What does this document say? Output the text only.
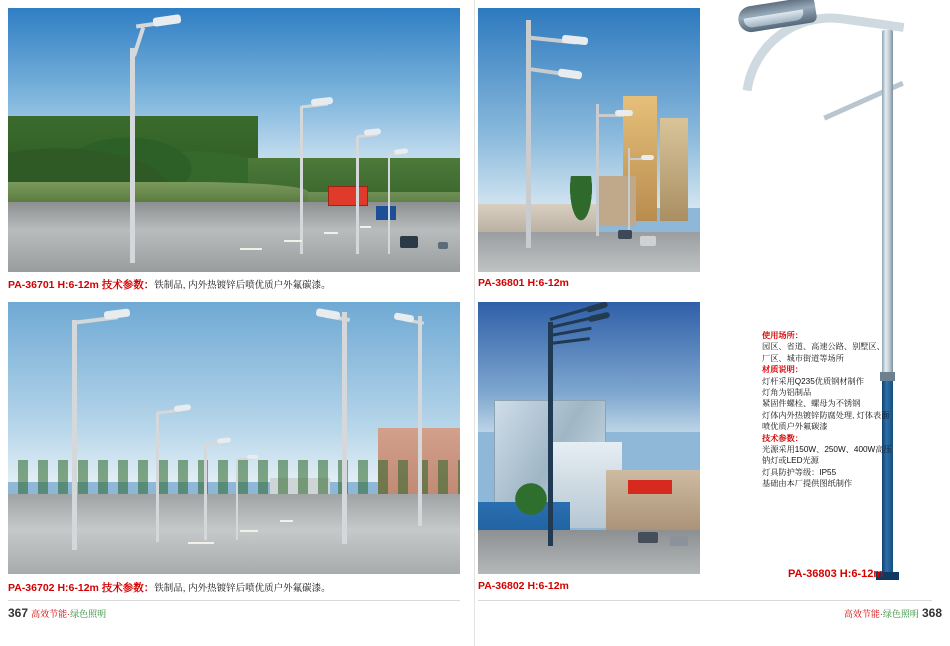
PA-36701 H:6-12m 技术参数：铁制品, 内外热镀锌后喷优质户外氟碳漆。	PA-36801 H:6-12m
PA-36702 H:6-12m 技术参数：铁制品, 内外热镀锌后喷优质户外氟碳漆。	PA-36802 H:6-12m
使用场所：
园区、省道、高速公路、别墅区、
厂区、城市街道等场所
材质说明：
灯杆采用Q235优质钢材制作
灯角为铝制品
紧固件螺栓、螺母为不锈钢
灯体内外热镀锌防腐处理, 灯体表面
喷优质户外氟碳漆
技术参数：
光源采用150W、250W、400W高压
钠灯或LED光源
灯具防护等级：IP55
基础由本厂提供图纸制作
PA-36803 H:6-12m
367 高效节能·绿色照明	高效节能·绿色照明 368
